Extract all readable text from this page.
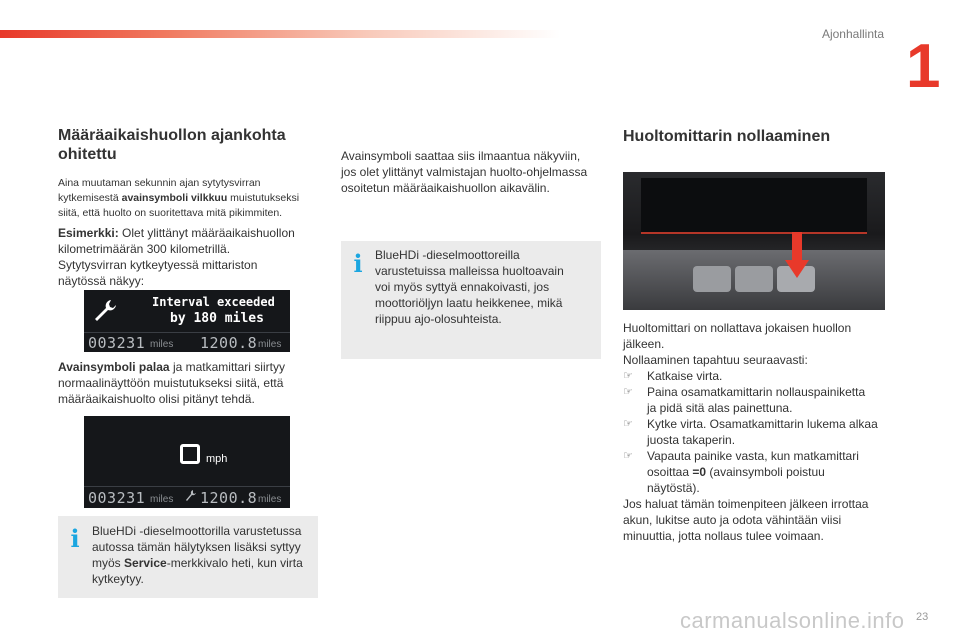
Ajonhallinta 1

Määräaikaishuollon ajankohta
ohitettu

Aina muutaman sekunnin ajan sytytysvirran
kytkemisestä avainsymboli vilkkuu muistutukseksi
siitä, että huolto on suoritettava mitä pikimmiten.
Esimerkki: Olet ylittänyt määräaikaishuollon
kilometrimäärän 300 kilometrillä.
Sytytysvirran kytkeytyessä mittariston
näytössä näkyy:
Interval exceeded
by 180 miles
003231 miles 1200.8 miles
Avainsymboli palaa ja matkamittari siirtyy
normaalinäyttöön muistutukseksi siitä, että
määräaikaishuolto olisi pitänyt tehdä.
mph
003231 miles 1200.8 miles
i BlueHDi -dieselmoottorilla varustetussa
autossa tämän hälytyksen lisäksi syttyy
myös Service-merkkivalo heti, kun virta
kytkeytyy.
Avainsymboli saattaa siis ilmaantua näkyviin,
jos olet ylittänyt valmistajan huolto-ohjelmassa
osoitetun määräaikaishuollon aikavälin.
i BlueHDi -dieselmoottoreilla
varustetuissa malleissa huoltoavain
voi myös syttyä ennakoivasti, jos
moottoriöljyn laatu heikkenee, mikä
riippuu ajo-olosuhteista.

Huoltomittarin nollaaminen

Huoltomittari on nollattava jokaisen huollon
jälkeen.
Nollaaminen tapahtuu seuraavasti:
☞ Katkaise virta.
☞ Paina osamatkamittarin nollauspainiketta
ja pidä sitä alas painettuna.
☞ Kytke virta. Osamatkamittarin lukema alkaa
juosta takaperin.
☞ Vapauta painike vasta, kun matkamittari
osoittaa =0 (avainsymboli poistuu
näytöstä).
Jos haluat tämän toimenpiteen jälkeen irrottaa
akun, lukitse auto ja odota vähintään viisi
minuuttia, jotta nollaus tulee voimaan.
carmanualsonline.info 23
